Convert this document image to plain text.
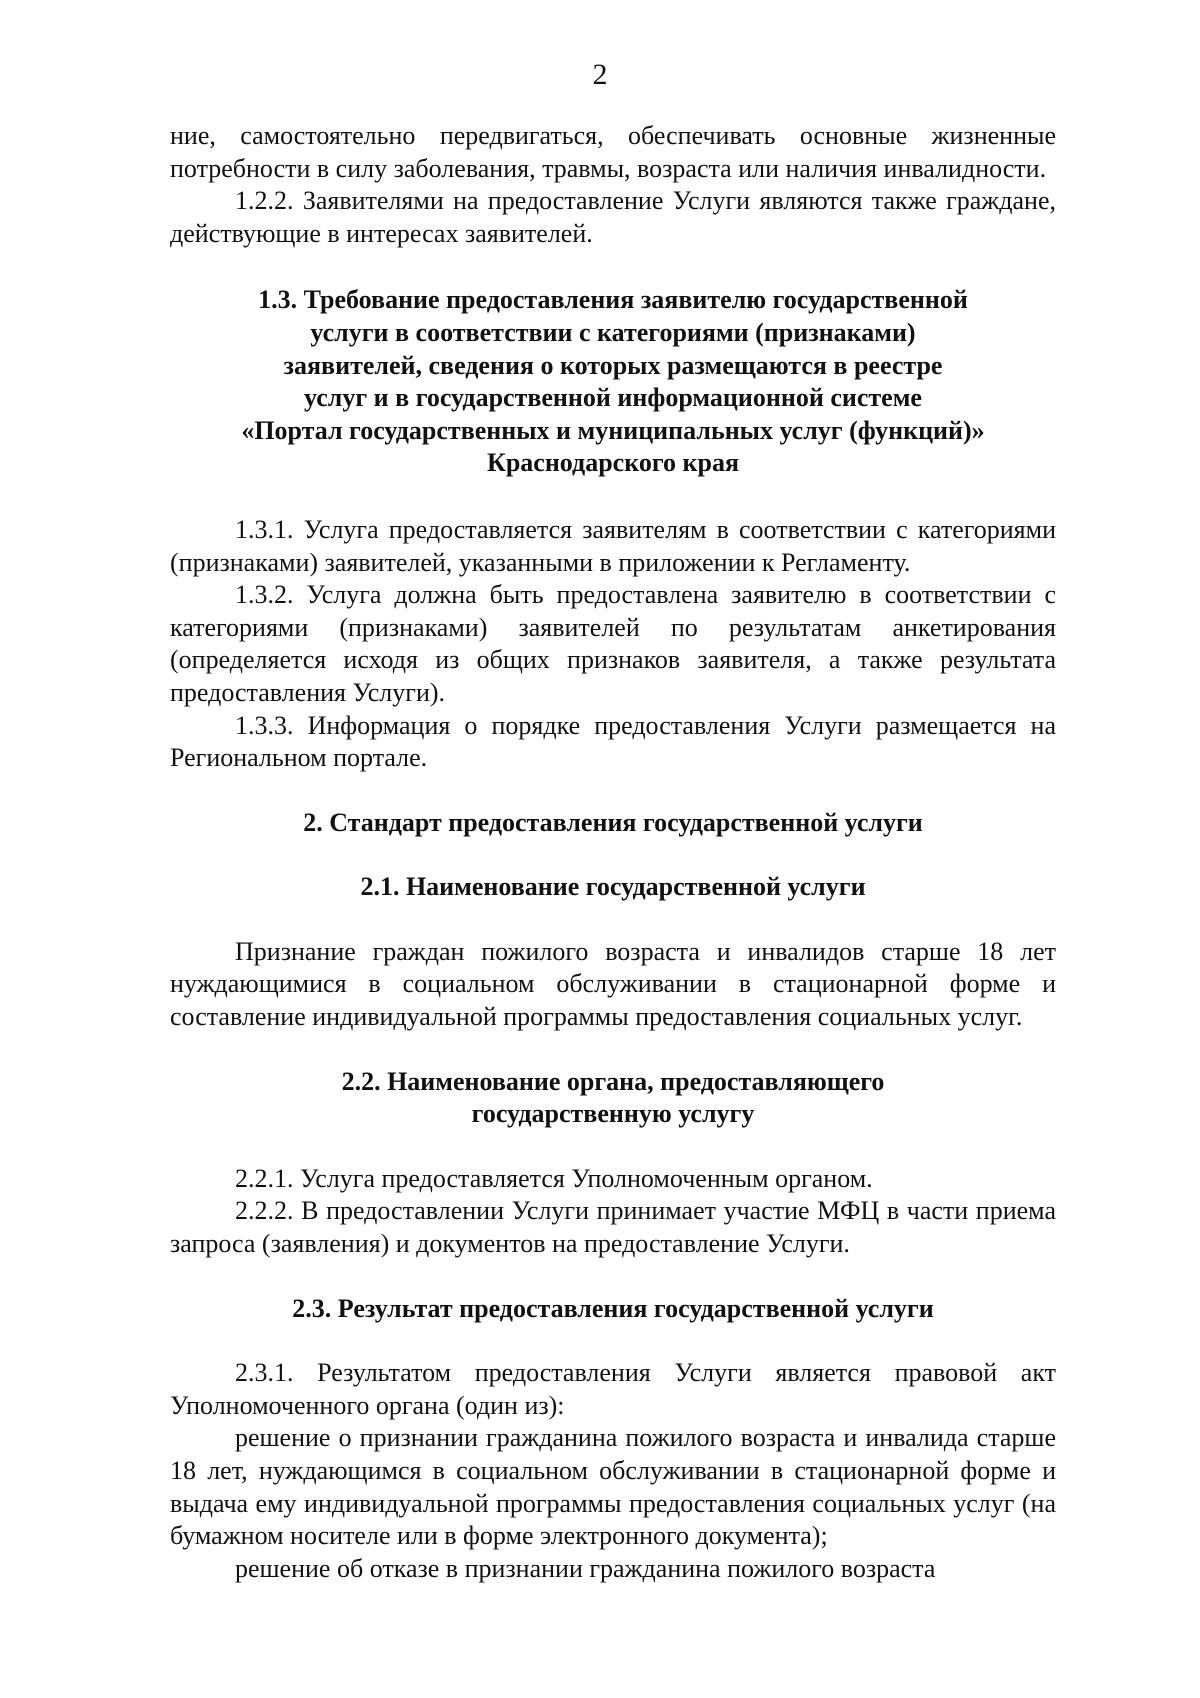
2

ние, самостоятельно передвигаться, обеспечивать основные жизненные потребности в силу заболевания, травмы, возраста или наличия инвалидности.

1.2.2. Заявителями на предоставление Услуги являются также граждане, действующие в интересах заявителей.

1.3. Требование предоставления заявителю государственной
услуги в соответствии с категориями (признаками)
заявителей, сведения о которых размещаются в реестре
услуг и в государственной информационной системе
«Портал государственных и муниципальных услуг (функций)»
Краснодарского края

1.3.1. Услуга предоставляется заявителям в соответствии с категориями (признаками) заявителей, указанными в приложении к Регламенту.

1.3.2. Услуга должна быть предоставлена заявителю в соответствии с категориями (признаками) заявителей по результатам анкетирования (определяется исходя из общих признаков заявителя, а также результата предоставления Услуги).

1.3.3. Информация о порядке предоставления Услуги размещается на Региональном портале.

2. Стандарт предоставления государственной услуги
2.1. Наименование государственной услуги

Признание граждан пожилого возраста и инвалидов старше 18 лет нуждающимися в социальном обслуживании в стационарной форме и составление индивидуальной программы предоставления социальных услуг.

2.2. Наименование органа, предоставляющего
государственную услугу

2.2.1. Услуга предоставляется Уполномоченным органом.

2.2.2. В предоставлении Услуги принимает участие МФЦ в части приема запроса (заявления) и документов на предоставление Услуги.

2.3. Результат предоставления государственной услуги

2.3.1. Результатом предоставления Услуги является правовой акт Уполномоченного органа (один из):

решение о признании гражданина пожилого возраста и инвалида старше 18 лет, нуждающимся в социальном обслуживании в стационарной форме и выдача ему индивидуальной программы предоставления социальных услуг (на бумажном носителе или в форме электронного документа);

решение об отказе в признании гражданина пожилого возраста
